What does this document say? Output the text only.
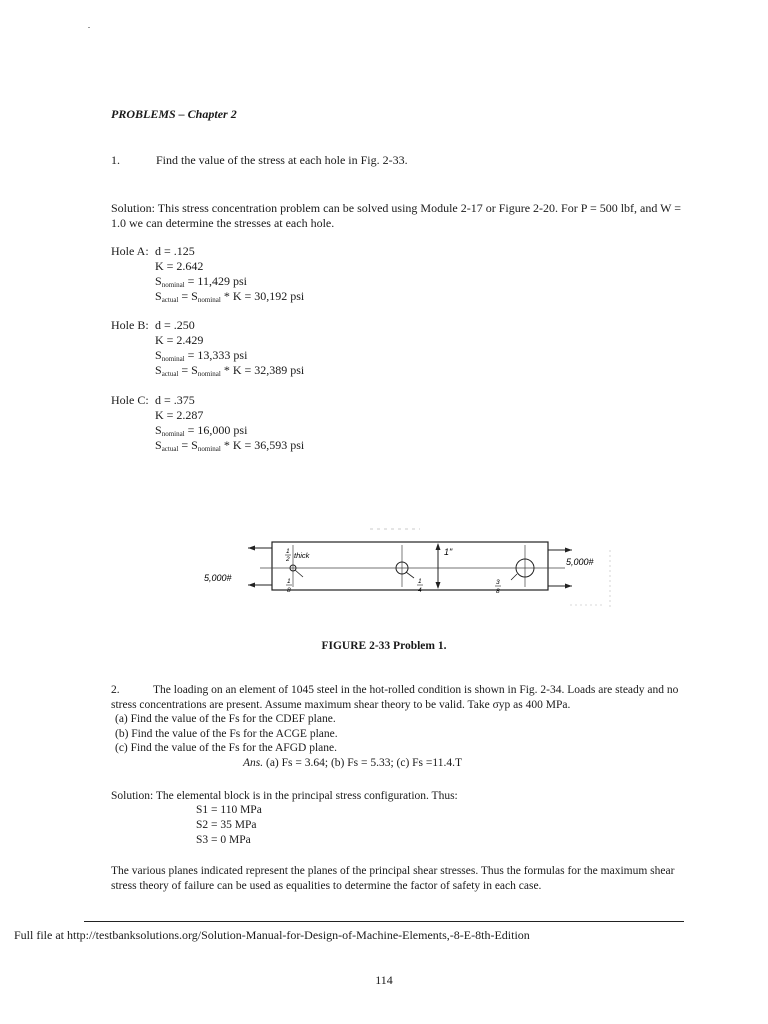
PROBLEMS – Chapter 2
1.	Find the value of the stress at each hole in Fig. 2-33.
Solution: This stress concentration problem can be solved using Module 2-17 or Figure 2-20. For P = 500 lbf, and W = 1.0 we can determine the stresses at each hole.
Hole A: d = .125
K = 2.642
$S_{nominal} = 11,429$ psi
$S_{actual} = S_{nominal} * K = 30,192$ psi
Hole B: d = .250
K = 2.429
$S_{nominal} = 13,333$ psi
$S_{actual} = S_{nominal} * K = 32,389$ psi
Hole C: d = .375
K = 2.287
$S_{nominal} = 16,000$ psi
$S_{actual} = S_{nominal} * K = 36,593$ psi
5,000#
5,000#
1
2 thick	1"
1
8
1
4
3
8
FIGURE 2-33 Problem 1.
2.	The loading on an element of 1045 steel in the hot-rolled condition is shown in Fig. 2-34. Loads are steady and no stress concentrations are present. Assume maximum shear theory to be valid. Take σyp as 400 MPa.
(a) Find the value of the Fs for the CDEF plane.
(b) Find the value of the Fs for the ACGE plane.
(c) Find the value of the Fs for the AFGD plane.
Ans. (a) Fs = 3.64; (b) Fs = 5.33; (c) Fs =11.4.T
Solution: The elemental block is in the principal stress configuration. Thus:
S1 = 110 MPa
S2 = 35 MPa
S3 = 0 MPa
The various planes indicated represent the planes of the principal shear stresses. Thus the formulas for the maximum shear stress theory of failure can be used as equalities to determine the factor of safety in each case.
Full file at http://testbanksolutions.org/Solution-Manual-for-Design-of-Machine-Elements,-8-E-8th-Edition
114
